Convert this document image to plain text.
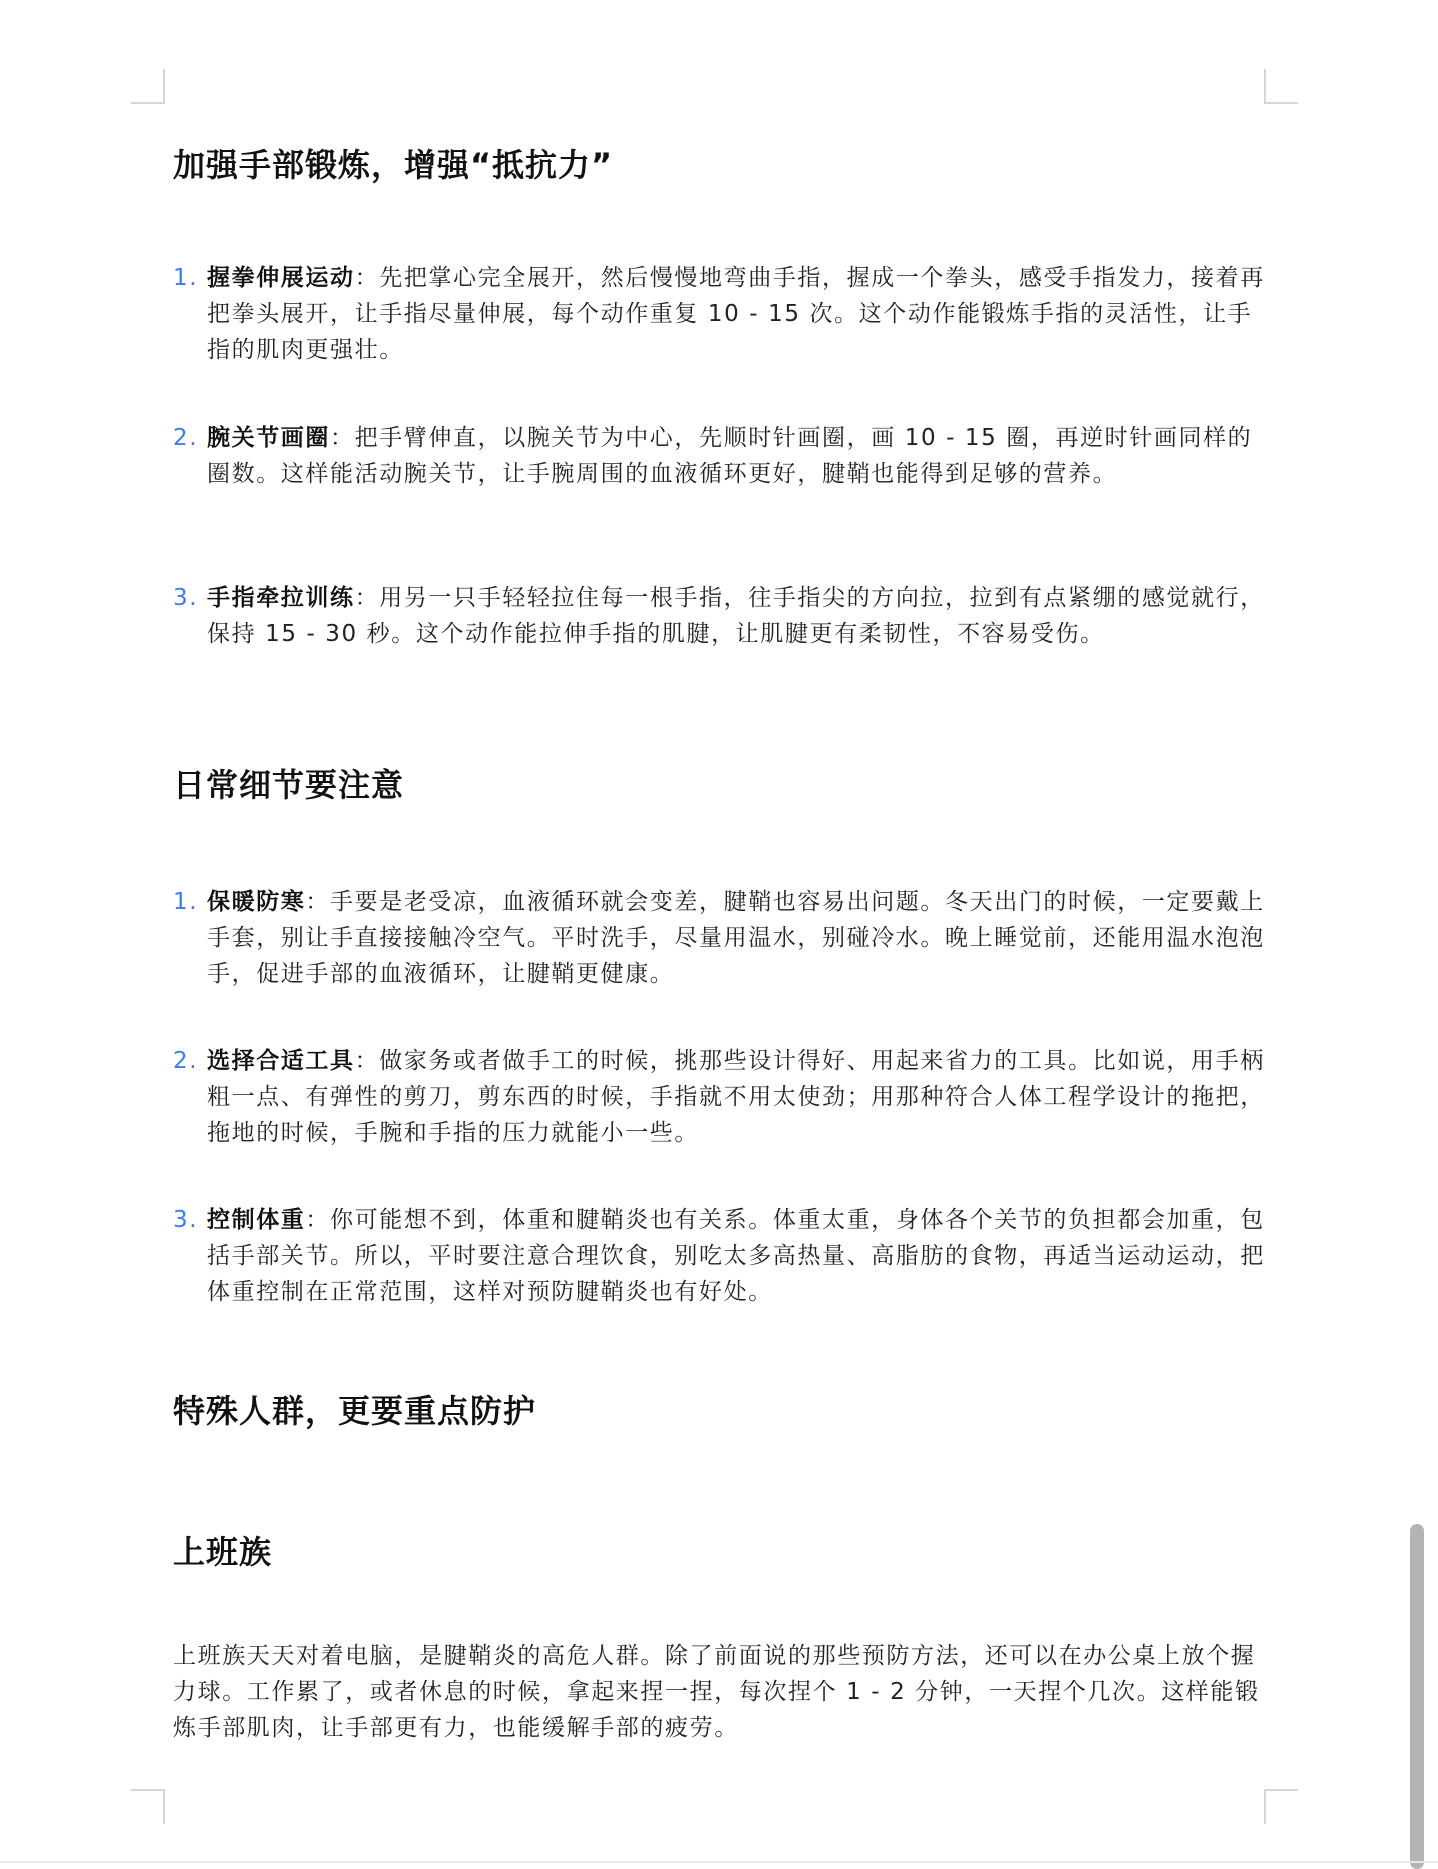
加强手部锻炼，增强“抵抗力”
1. 握拳伸展运动：先把掌心完全展开，然后慢慢地弯曲手指，握成一个拳头，感受手指发力，接着再把拳头展开，让手指尽量伸展，每个动作重复 10 - 15 次。这个动作能锻炼手指的灵活性，让手指的肌肉更强壮。
2. 腕关节画圈：把手臂伸直，以腕关节为中心，先顺时针画圈，画 10 - 15 圈，再逆时针画同样的圈数。这样能活动腕关节，让手腕周围的血液循环更好，腱鞘也能得到足够的营养。
3. 手指牵拉训练：用另一只手轻轻拉住每一根手指，往手指尖的方向拉，拉到有点紧绷的感觉就行，保持 15 - 30 秒。这个动作能拉伸手指的肌腱，让肌腱更有柔韧性，不容易受伤。
日常细节要注意
1. 保暖防寒：手要是老受凉，血液循环就会变差，腱鞘也容易出问题。冬天出门的时候，一定要戴上手套，别让手直接接触冷空气。平时洗手，尽量用温水，别碰冷水。晚上睡觉前，还能用温水泡泡手，促进手部的血液循环，让腱鞘更健康。
2. 选择合适工具：做家务或者做手工的时候，挑那些设计得好、用起来省力的工具。比如说，用手柄粗一点、有弹性的剪刀，剪东西的时候，手指就不用太使劲；用那种符合人体工程学设计的拖把，拖地的时候，手腕和手指的压力就能小一些。
3. 控制体重：你可能想不到，体重和腱鞘炎也有关系。体重太重，身体各个关节的负担都会加重，包括手部关节。所以，平时要注意合理饮食，别吃太多高热量、高脂肪的食物，再适当运动运动，把体重控制在正常范围，这样对预防腱鞘炎也有好处。
特殊人群，更要重点防护
上班族
上班族天天对着电脑，是腱鞘炎的高危人群。除了前面说的那些预防方法，还可以在办公桌上放个握力球。工作累了，或者休息的时候，拿起来捏一捏，每次捏个 1 - 2 分钟，一天捏个几次。这样能锻炼手部肌肉，让手部更有力，也能缓解手部的疲劳。
